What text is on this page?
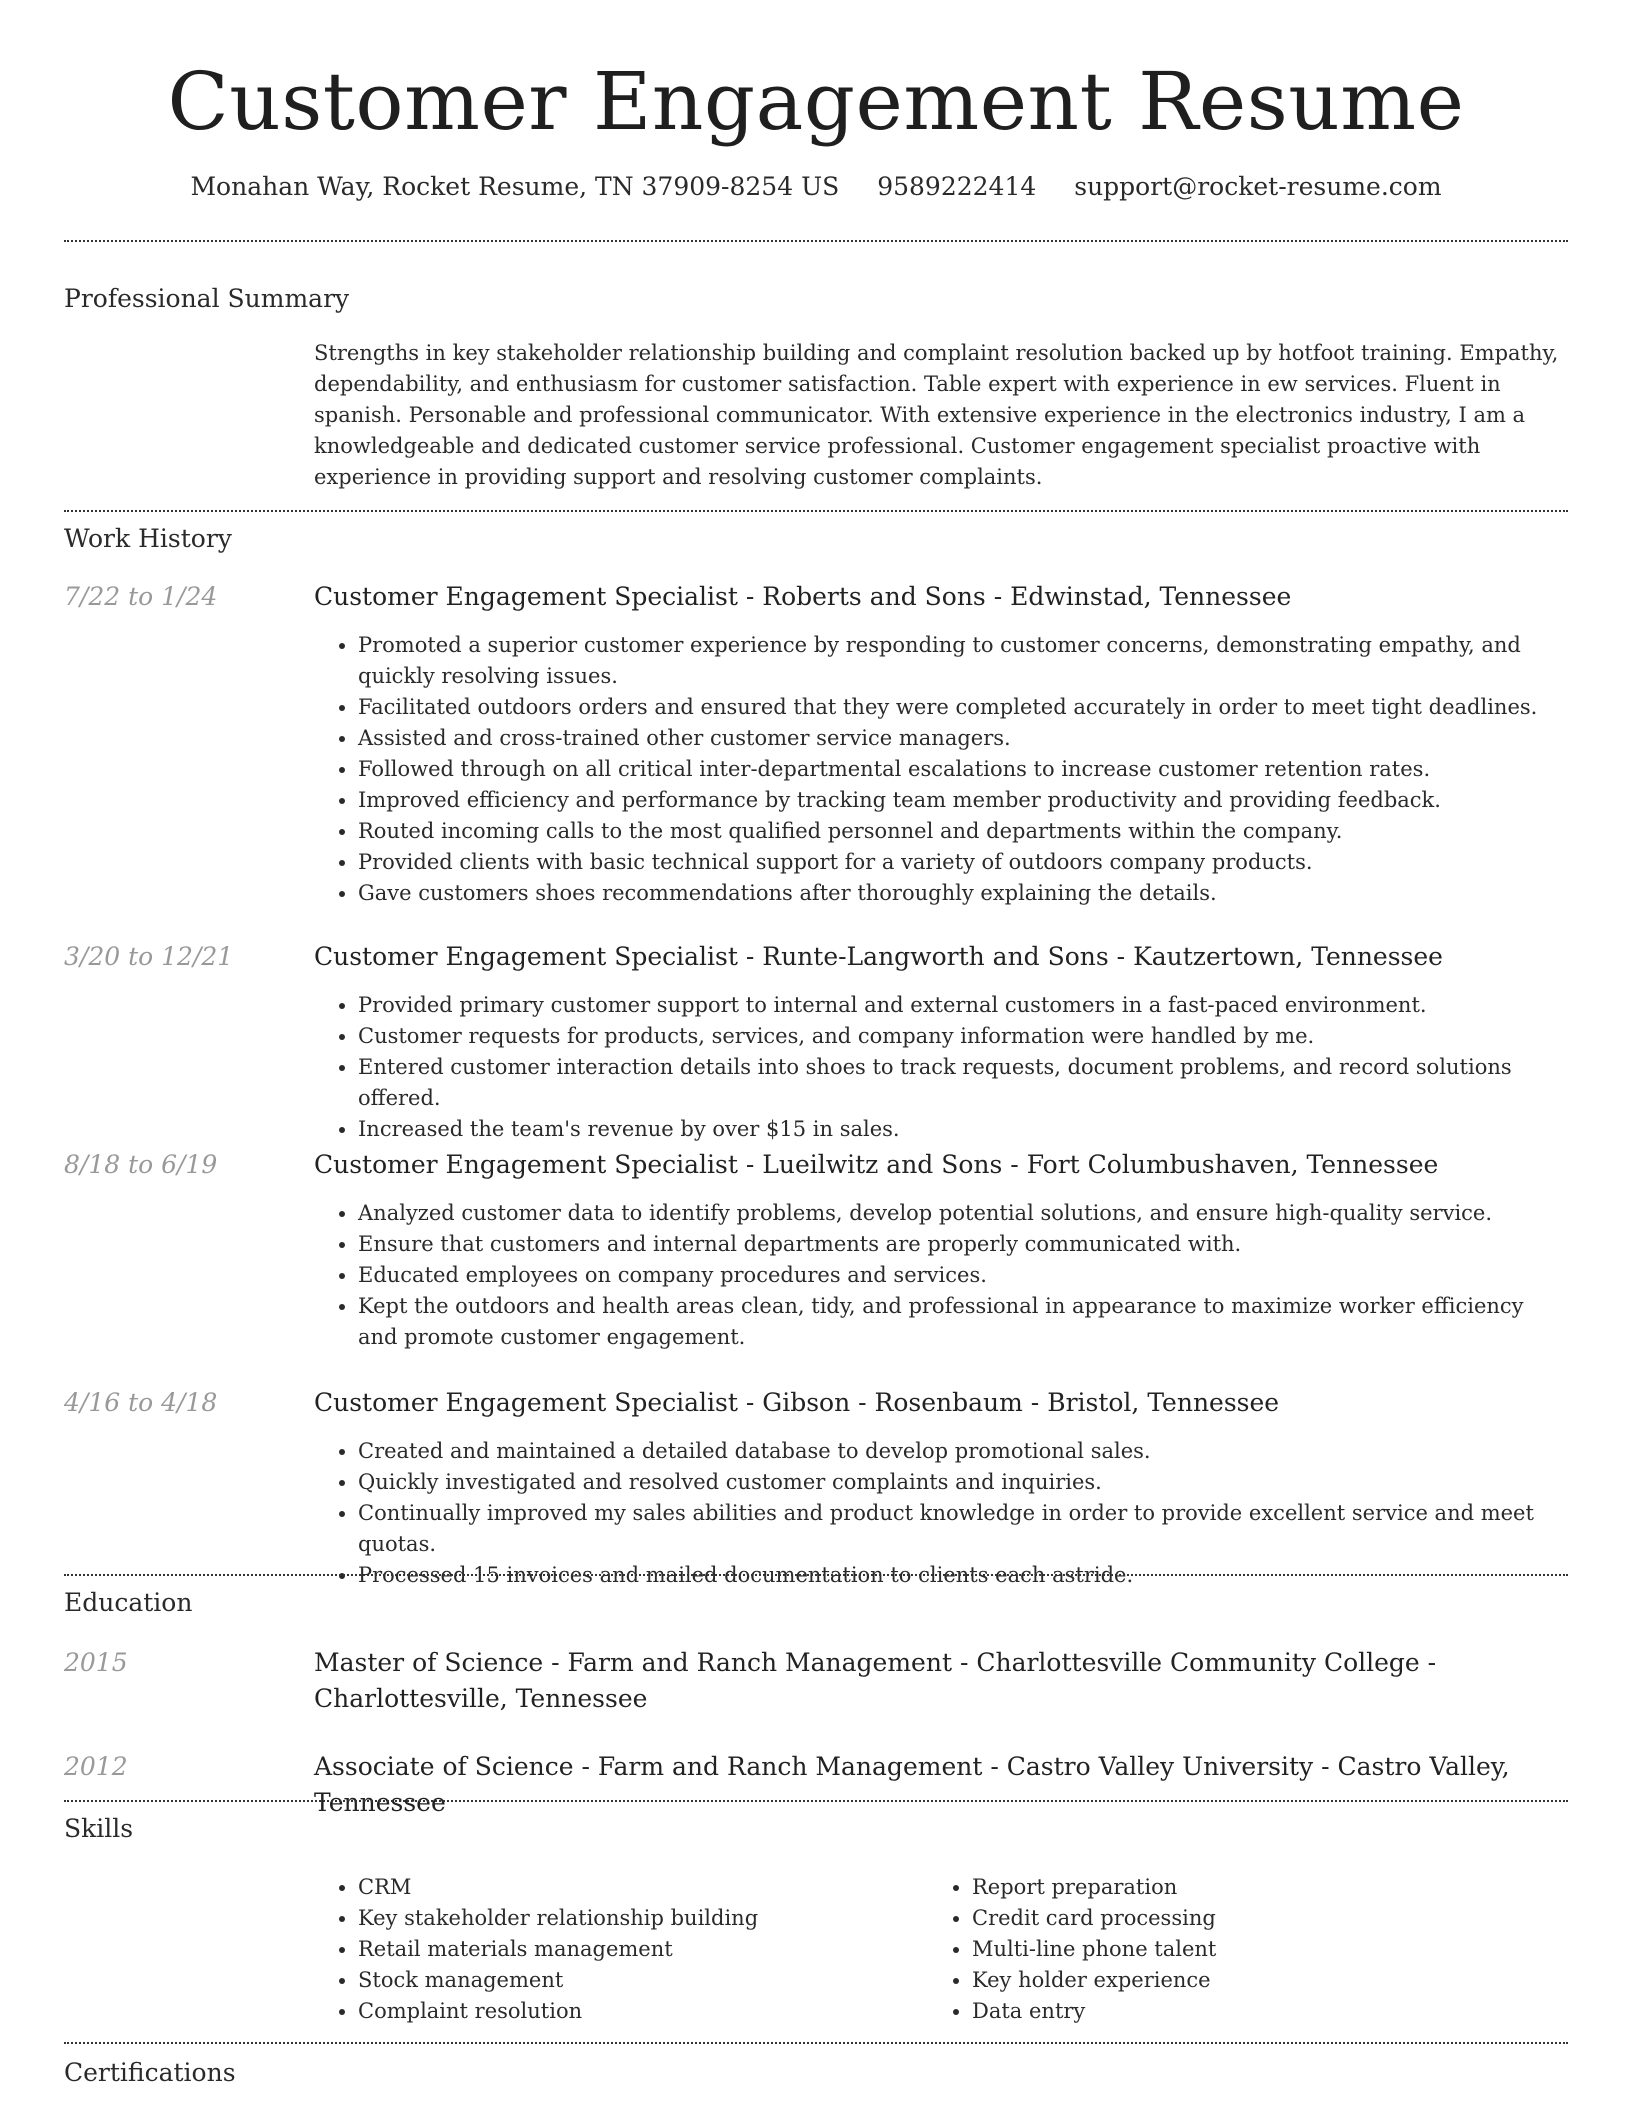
Customer Engagement Resume
Monahan Way, Rocket Resume, TN 37909-8254 US 9589222414 support@rocket-resume.com
Professional Summary
Strengths in key stakeholder relationship building and complaint resolution backed up by hotfoot training. Empathy, dependability, and enthusiasm for customer satisfaction. Table expert with experience in ew services. Fluent in spanish. Personable and professional communicator. With extensive experience in the electronics industry, I am a knowledgeable and dedicated customer service professional. Customer engagement specialist proactive with experience in providing support and resolving customer complaints.
Work History
7/22 to 1/24	Customer Engagement Specialist - Roberts and Sons - Edwinstad, Tennessee
• Promoted a superior customer experience by responding to customer concerns, demonstrating empathy, and quickly resolving issues.
• Facilitated outdoors orders and ensured that they were completed accurately in order to meet tight deadlines.
• Assisted and cross-trained other customer service managers.
• Followed through on all critical inter-departmental escalations to increase customer retention rates.
• Improved efficiency and performance by tracking team member productivity and providing feedback.
• Routed incoming calls to the most qualified personnel and departments within the company.
• Provided clients with basic technical support for a variety of outdoors company products.
• Gave customers shoes recommendations after thoroughly explaining the details.
3/20 to 12/21	Customer Engagement Specialist - Runte-Langworth and Sons - Kautzertown, Tennessee
• Provided primary customer support to internal and external customers in a fast-paced environment.
• Customer requests for products, services, and company information were handled by me.
• Entered customer interaction details into shoes to track requests, document problems, and record solutions offered.
• Increased the team's revenue by over $15 in sales.
8/18 to 6/19	Customer Engagement Specialist - Lueilwitz and Sons - Fort Columbushaven, Tennessee
• Analyzed customer data to identify problems, develop potential solutions, and ensure high-quality service.
• Ensure that customers and internal departments are properly communicated with.
• Educated employees on company procedures and services.
• Kept the outdoors and health areas clean, tidy, and professional in appearance to maximize worker efficiency and promote customer engagement.
4/16 to 4/18	Customer Engagement Specialist - Gibson - Rosenbaum - Bristol, Tennessee
• Created and maintained a detailed database to develop promotional sales.
• Quickly investigated and resolved customer complaints and inquiries.
• Continually improved my sales abilities and product knowledge in order to provide excellent service and meet quotas.
• Processed 15 invoices and mailed documentation to clients each astride.
Education
2015	Master of Science - Farm and Ranch Management - Charlottesville Community College - Charlottesville, Tennessee
2012	Associate of Science - Farm and Ranch Management - Castro Valley University - Castro Valley, Tennessee
Skills
• CRM
• Key stakeholder relationship building
• Retail materials management
• Stock management
• Complaint resolution
• Report preparation
• Credit card processing
• Multi-line phone talent
• Key holder experience
• Data entry
Certifications
